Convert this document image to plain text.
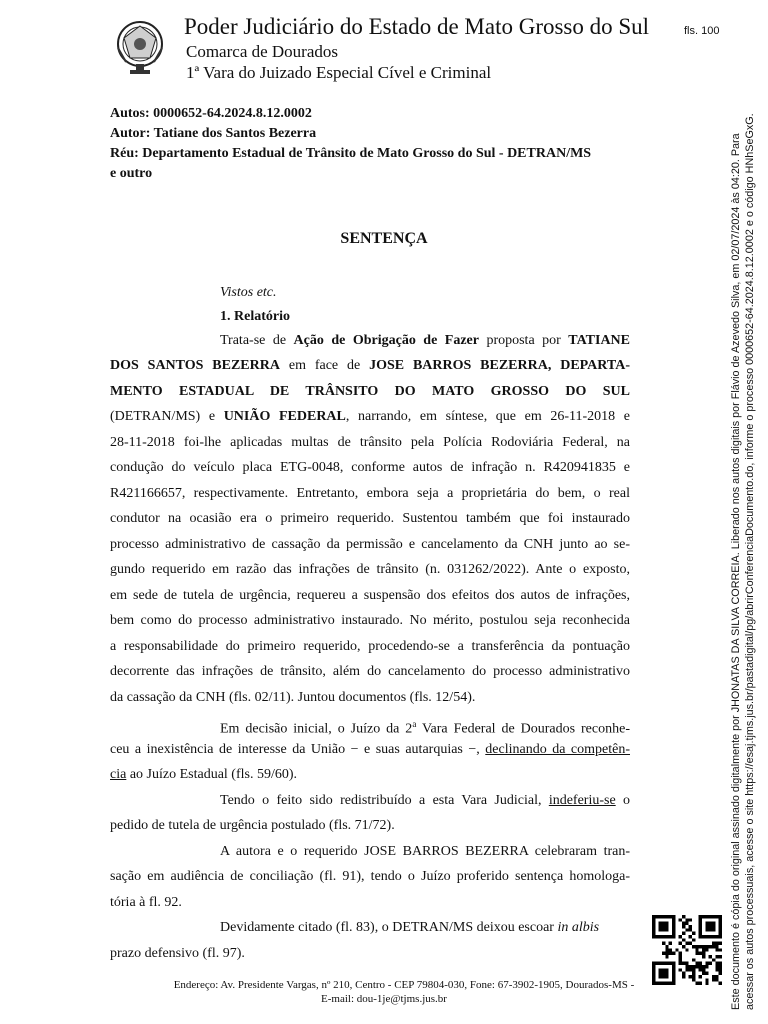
Poder Judiciário do Estado de Mato Grosso do Sul
Comarca de Dourados
1ª Vara do Juizado Especial Cível e Criminal
fls. 100
Autos: 0000652-64.2024.8.12.0002
Autor: Tatiane dos Santos Bezerra
Réu: Departamento Estadual de Trânsito de Mato Grosso do Sul - DETRAN/MS
e outro
SENTENÇA
Vistos etc.
1. Relatório
Trata-se de Ação de Obrigação de Fazer proposta por TATIANE
DOS SANTOS BEZERRA em face de JOSE BARROS BEZERRA, DEPARTA-
MENTO ESTADUAL DE TRÂNSITO DO MATO GROSSO DO SUL
(DETRAN/MS) e UNIÃO FEDERAL, narrando, em síntese, que em 26-11-2018 e
28-11-2018 foi-lhe aplicadas multas de trânsito pela Polícia Rodoviária Federal, na
condução do veículo placa ETG-0048, conforme autos de infração n. R420941835 e
R421166657, respectivamente. Entretanto, embora seja a proprietária do bem, o real
condutor na ocasião era o primeiro requerido. Sustentou também que foi instaurado
processo administrativo de cassação da permissão e cancelamento da CNH junto ao se-
gundo requerido em razão das infrações de trânsito (n. 031262/2022). Ante o exposto,
em sede de tutela de urgência, requereu a suspensão dos efeitos dos autos de infrações,
bem como do processo administrativo instaurado. No mérito, postulou seja reconhecida
a responsabilidade do primeiro requerido, procedendo-se a transferência da pontuação
decorrente das infrações de trânsito, além do cancelamento do processo administrativo
da cassação da CNH (fls. 02/11). Juntou documentos (fls. 12/54).
Em decisão inicial, o Juízo da 2$^a$ Vara Federal de Dourados reconhe-
ceu a inexistência de interesse da União − e suas autarquias −, declinando da competên-
cia ao Juízo Estadual (fls. 59/60).
Tendo o feito sido redistribuído a esta Vara Judicial, indeferiu-se o
pedido de tutela de urgência postulado (fls. 71/72).
A autora e o requerido JOSE BARROS BEZERRA celebraram tran-
sação em audiência de conciliação (fl. 91), tendo o Juízo proferido sentença homologa-
tória à fl. 92.
Devidamente citado (fl. 83), o DETRAN/MS deixou escoar in albis
prazo defensivo (fl. 97).
Endereço: Av. Presidente Vargas, nº 210, Centro - CEP 79804-030, Fone: 67-3902-1905, Dourados-MS -
E-mail: dou-1je@tjms.jus.br	Este documento é cópia do original assinado digitalmente por JHONATAS DA SILVA CORREIA. Liberado nos autos digitais por Flávio de Azevedo Silva, em 02/07/2024 às 04:20. Para acessar os autos processuais, acesse o site https://esaj.tjms.jus.br/pastadigital/pg/abrirConferenciaDocumento.do, informe o processo 0000652-64.2024.8.12.0002 e o código HNhSeGxG.
